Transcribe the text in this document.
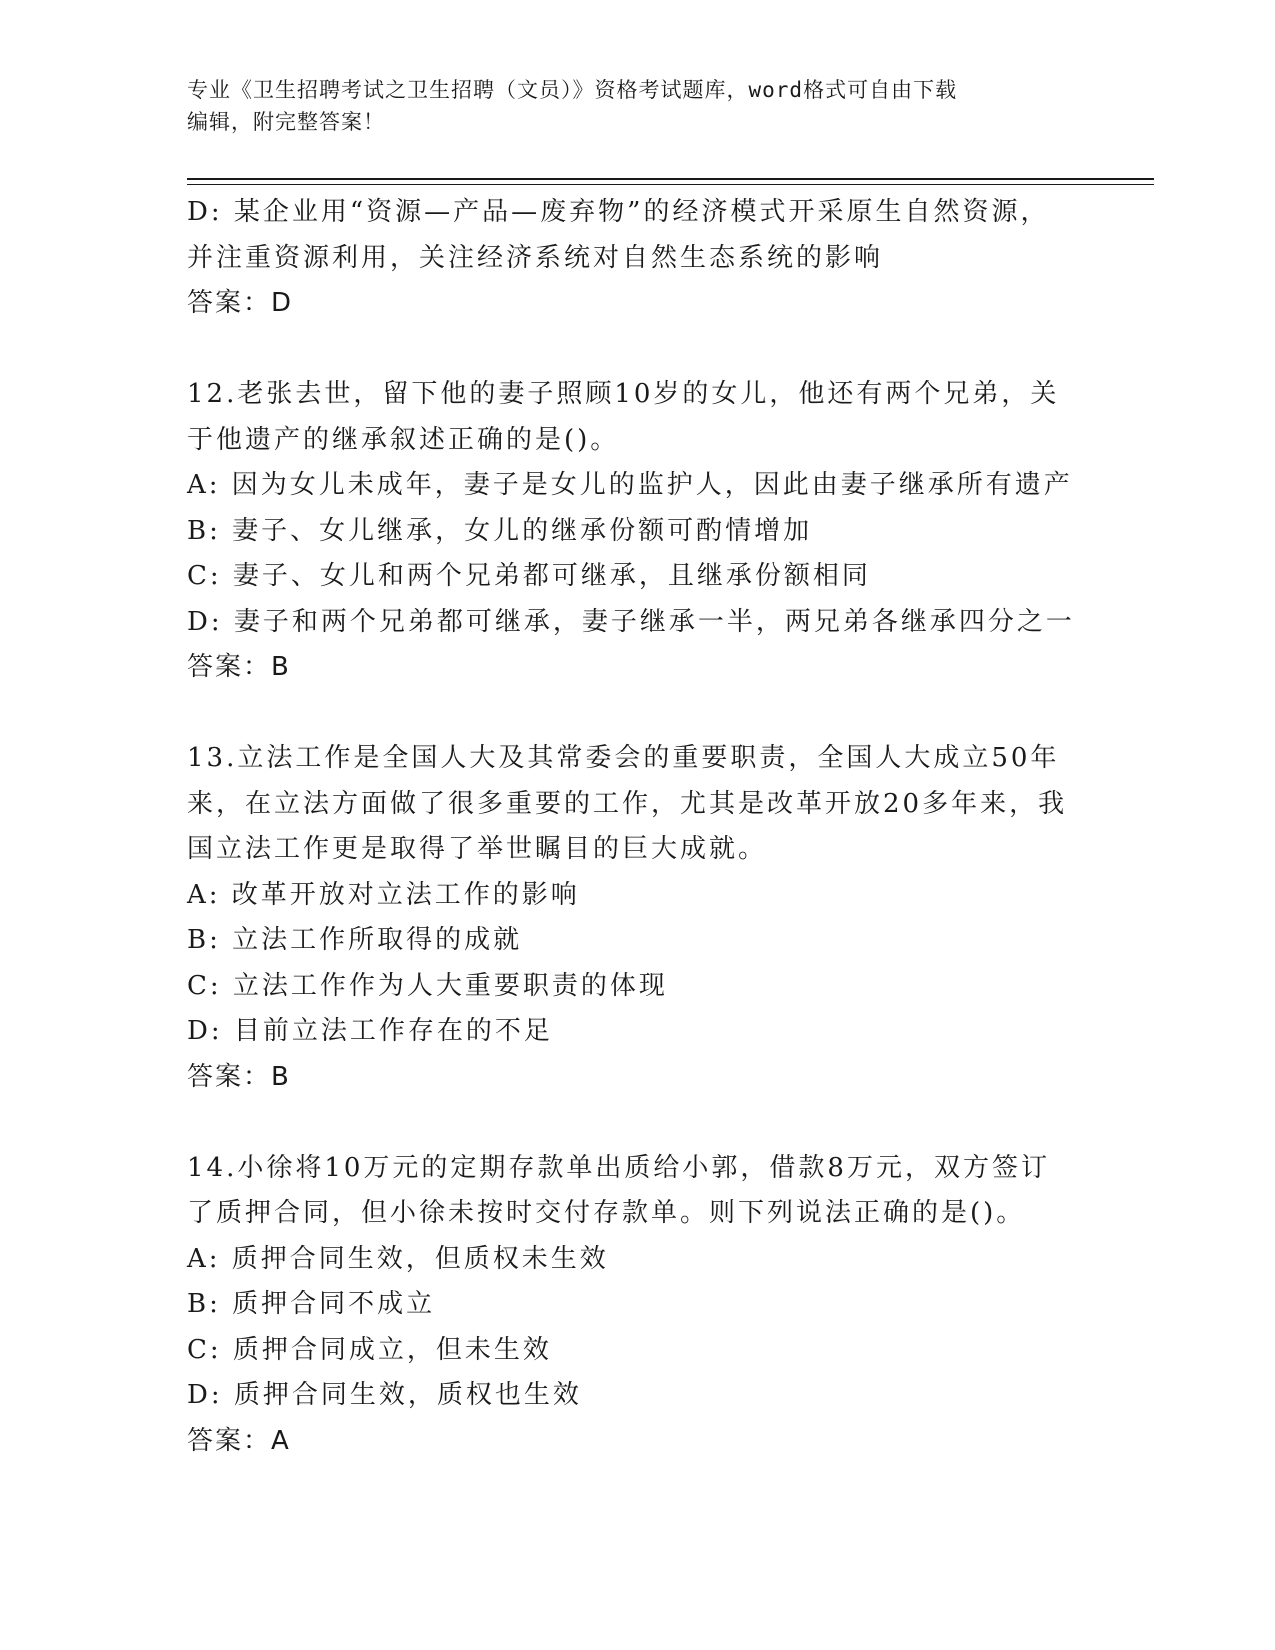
专业《卫生招聘考试之卫生招聘（文员）》资格考试题库，word格式可自由下载
编辑，附完整答案！
D: 某企业用“资源—产品—废弃物”的经济模式开采原生自然资源，
并注重资源利用，关注经济系统对自然生态系统的影响
答案：D
12.老张去世，留下他的妻子照顾10岁的女儿，他还有两个兄弟，关
于他遗产的继承叙述正确的是()。
A: 因为女儿未成年，妻子是女儿的监护人，因此由妻子继承所有遗产
B: 妻子、女儿继承，女儿的继承份额可酌情增加
C: 妻子、女儿和两个兄弟都可继承，且继承份额相同
D: 妻子和两个兄弟都可继承，妻子继承一半，两兄弟各继承四分之一
答案：B
13.立法工作是全国人大及其常委会的重要职责，全国人大成立50年
来，在立法方面做了很多重要的工作，尤其是改革开放20多年来，我
国立法工作更是取得了举世瞩目的巨大成就。
A: 改革开放对立法工作的影响
B: 立法工作所取得的成就
C: 立法工作作为人大重要职责的体现
D: 目前立法工作存在的不足
答案：B
14.小徐将10万元的定期存款单出质给小郭，借款8万元，双方签订
了质押合同，但小徐未按时交付存款单。则下列说法正确的是()。
A: 质押合同生效，但质权未生效
B: 质押合同不成立
C: 质押合同成立，但未生效
D: 质押合同生效，质权也生效
答案：A
